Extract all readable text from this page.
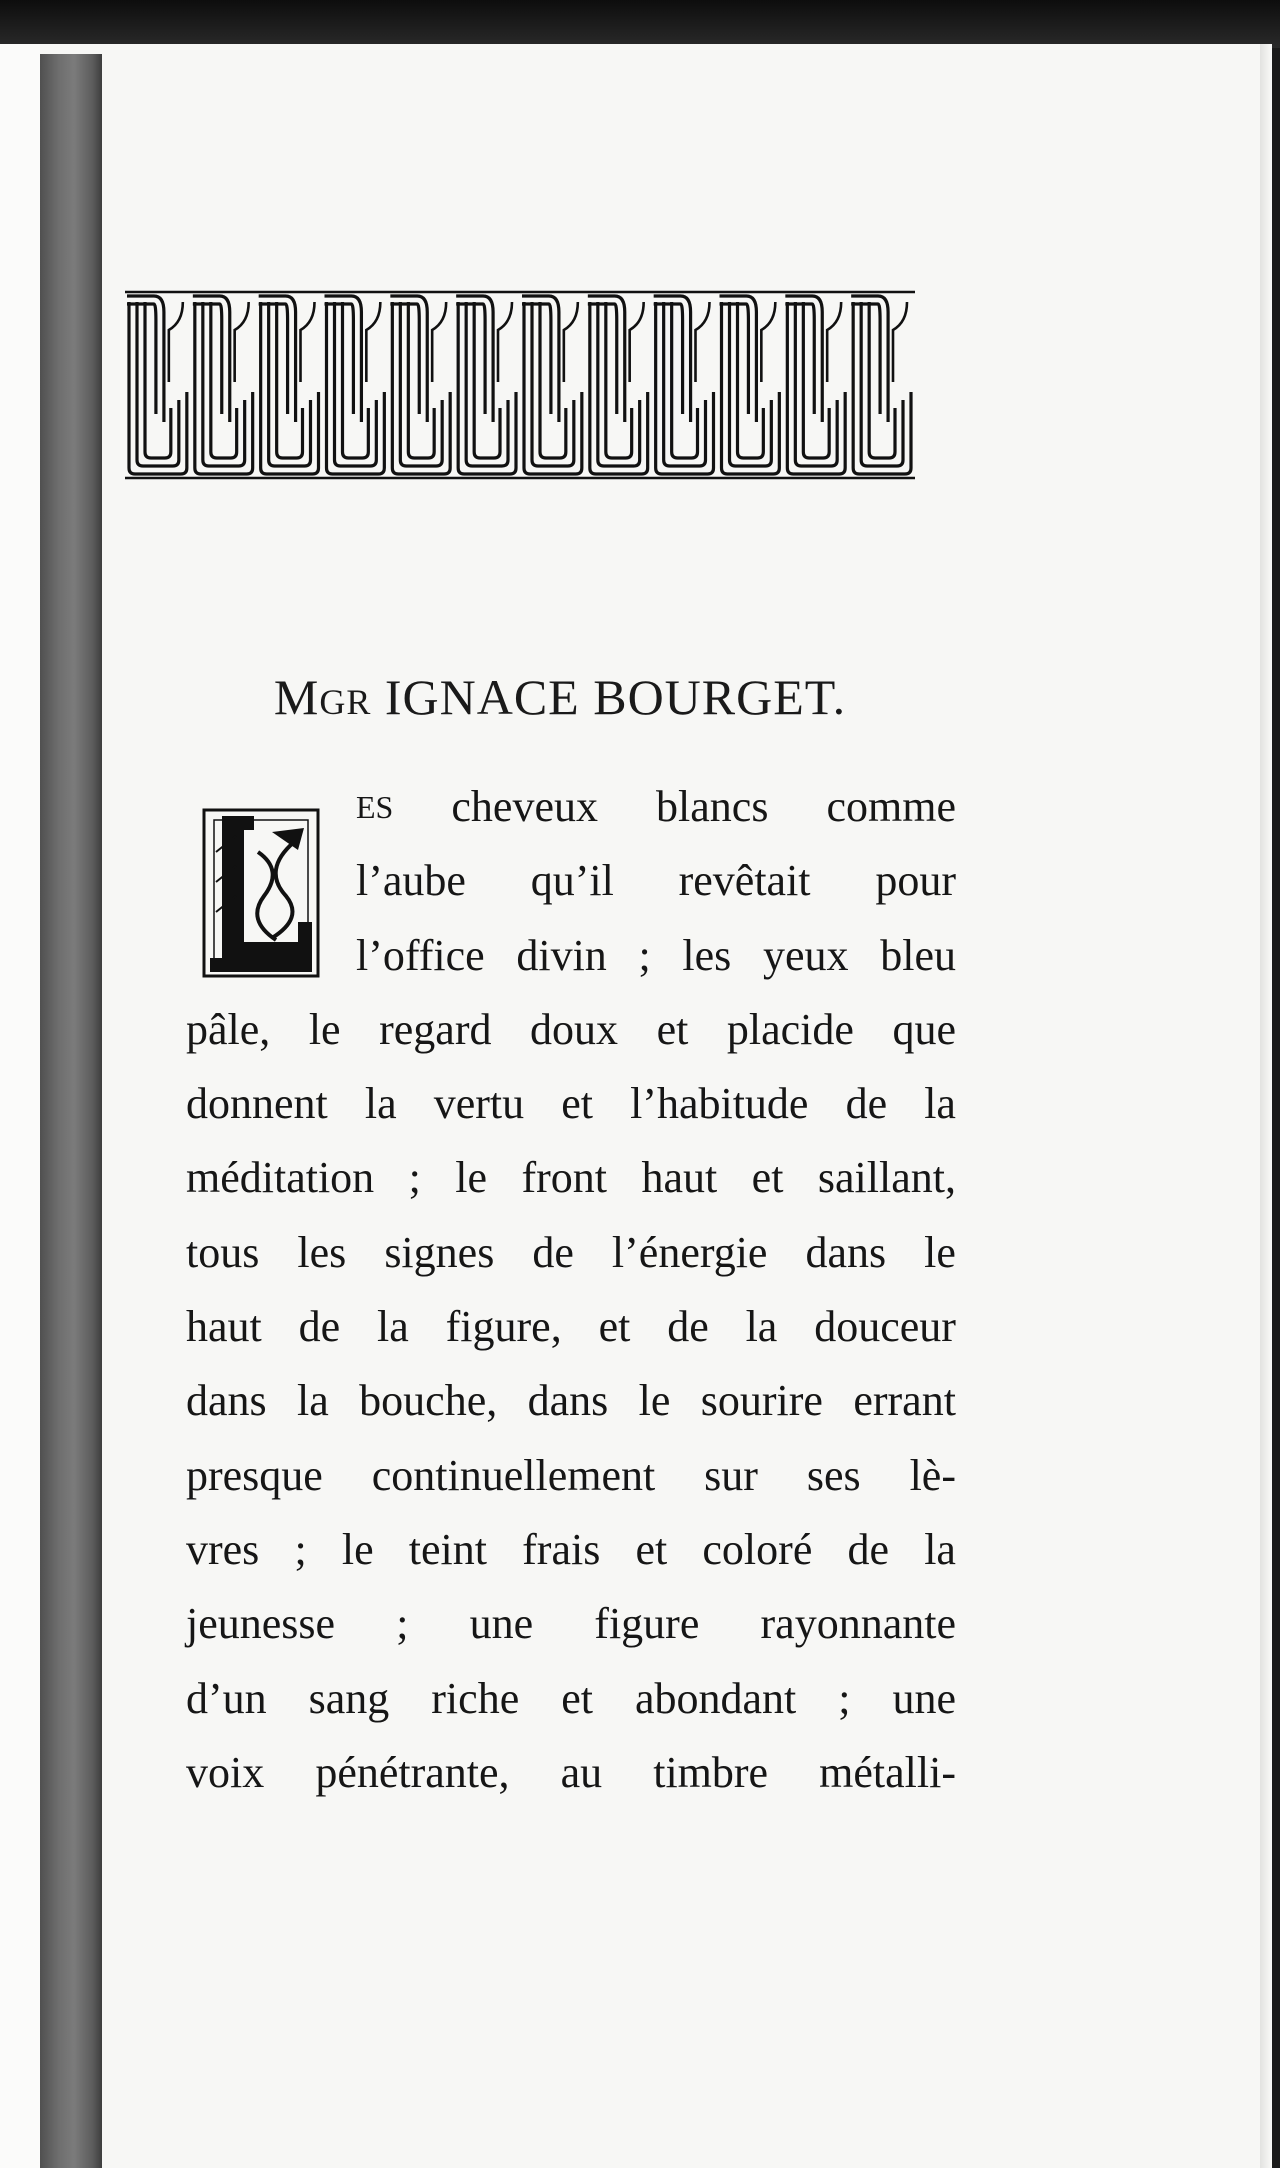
MGR IGNACE BOURGET.
ES cheveux blancs comme
l’aube qu’il revêtait pour
l’office divin ; les yeux bleu
pâle, le regard doux et placide que
donnent la vertu et l’habitude de la
méditation ; le front haut et saillant,
tous les signes de l’énergie dans le
haut de la figure, et de la douceur
dans la bouche, dans le sourire errant
presque continuellement sur ses lè-
vres ; le teint frais et coloré de la
jeunesse ; une figure rayonnante
d’un sang riche et abondant ; une
voix pénétrante, au timbre métalli-
